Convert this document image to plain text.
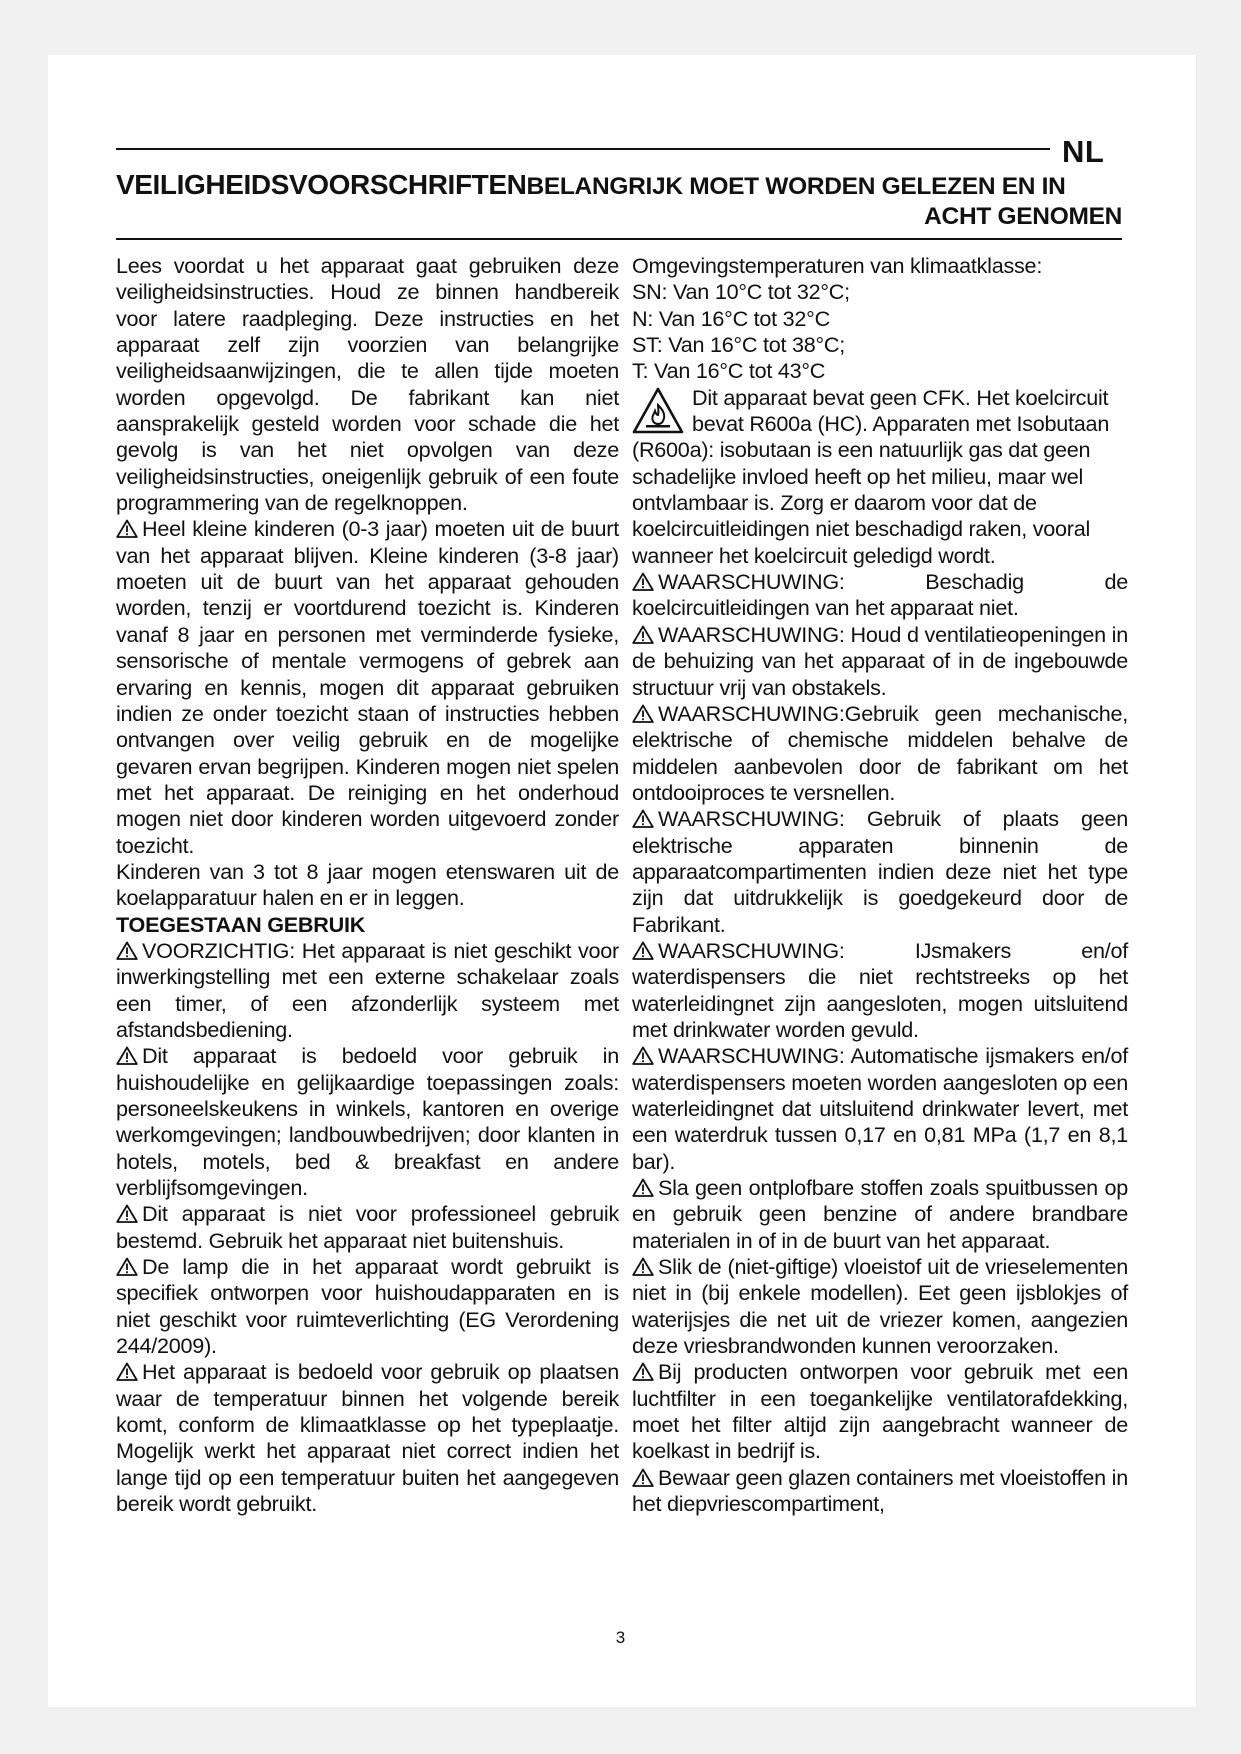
NL
VEILIGHEIDSVOORSCHRIFTENBELANGRIJK MOET WORDEN GELEZEN EN IN
ACHT GENOMEN

Lees voordat u het apparaat gaat gebruiken deze veiligheidsinstructies. Houd ze binnen handbereik voor latere raadpleging. Deze instructies en het apparaat zelf zijn voorzien van belangrijke veiligheidsaanwijzingen, die te allen tijde moeten worden opgevolgd. De fabrikant kan niet aansprakelijk gesteld worden voor schade die het gevolg is van het niet opvolgen van deze veiligheidsinstructies, oneigenlijk gebruik of een foute programmering van de regelknoppen.

Heel kleine kinderen (0-3 jaar) moeten uit de buurt van het apparaat blijven. Kleine kinderen (3-8 jaar) moeten uit de buurt van het apparaat gehouden worden, tenzij er voortdurend toezicht is. Kinderen vanaf 8 jaar en personen met verminderde fysieke, sensorische of mentale vermogens of gebrek aan ervaring en kennis, mogen dit apparaat gebruiken indien ze onder toezicht staan of instructies hebben ontvangen over veilig gebruik en de mogelijke gevaren ervan begrijpen. Kinderen mogen niet spelen met het apparaat. De reiniging en het onderhoud mogen niet door kinderen worden uitgevoerd zonder toezicht.

Kinderen van 3 tot 8 jaar mogen etenswaren uit de koelapparatuur halen en er in leggen.

TOEGESTAAN GEBRUIK

VOORZICHTIG: Het apparaat is niet geschikt voor inwerkingstelling met een externe schakelaar zoals een timer, of een afzonderlijk systeem met afstandsbediening.

Dit apparaat is bedoeld voor gebruik in huishoudelijke en gelijkaardige toepassingen zoals: personeelskeukens in winkels, kantoren en overige werkomgevingen; landbouwbedrijven; door klanten in hotels, motels, bed & breakfast en andere verblijfsomgevingen.

Dit apparaat is niet voor professioneel gebruik bestemd. Gebruik het apparaat niet buitenshuis.

De lamp die in het apparaat wordt gebruikt is specifiek ontworpen voor huishoudapparaten en is niet geschikt voor ruimteverlichting (EG Verordening 244/2009).

Het apparaat is bedoeld voor gebruik op plaatsen waar de temperatuur binnen het volgende bereik komt, conform de klimaatklasse op het typeplaatje. Mogelijk werkt het apparaat niet correct indien het lange tijd op een temperatuur buiten het aangegeven bereik wordt gebruikt.

Omgevingstemperaturen van klimaatklasse:

SN: Van 10°C tot 32°C;

N: Van 16°C tot 32°C

ST: Van 16°C tot 38°C;

T: Van 16°C tot 43°C

Dit apparaat bevat geen CFK. Het koelcircuit bevat R600a (HC). Apparaten met Isobutaan (R600a): isobutaan is een natuurlijk gas dat geen schadelijke invloed heeft op het milieu, maar wel ontvlambaar is. Zorg er daarom voor dat de koelcircuitleidingen niet beschadigd raken, vooral wanneer het koelcircuit geledigd wordt.

WAARSCHUWING: Beschadig de koelcircuitleidingen van het apparaat niet.

WAARSCHUWING: Houd d ventilatieopeningen in de behuizing van het apparaat of in de ingebouwde structuur vrij van obstakels.

WAARSCHUWING:Gebruik geen mechanische, elektrische of chemische middelen behalve de middelen aanbevolen door de fabrikant om het ontdooiproces te versnellen.

WAARSCHUWING: Gebruik of plaats geen elektrische apparaten binnenin de apparaatcompartimenten indien deze niet het type zijn dat uitdrukkelijk is goedgekeurd door de Fabrikant.

WAARSCHUWING: IJsmakers en/of waterdispensers die niet rechtstreeks op het waterleidingnet zijn aangesloten, mogen uitsluitend met drinkwater worden gevuld.

WAARSCHUWING: Automatische ijsmakers en/of waterdispensers moeten worden aangesloten op een waterleidingnet dat uitsluitend drinkwater levert, met een waterdruk tussen 0,17 en 0,81 MPa (1,7 en 8,1 bar).

Sla geen ontplofbare stoffen zoals spuitbussen op en gebruik geen benzine of andere brandbare materialen in of in de buurt van het apparaat.

Slik de (niet-giftige) vloeistof uit de vrieselementen niet in (bij enkele modellen). Eet geen ijsblokjes of waterijsjes die net uit de vriezer komen, aangezien deze vriesbrandwonden kunnen veroorzaken.

Bij producten ontworpen voor gebruik met een luchtfilter in een toegankelijke ventilatorafdekking, moet het filter altijd zijn aangebracht wanneer de koelkast in bedrijf is.

Bewaar geen glazen containers met vloeistoffen in het diepvriescompartiment,

3
